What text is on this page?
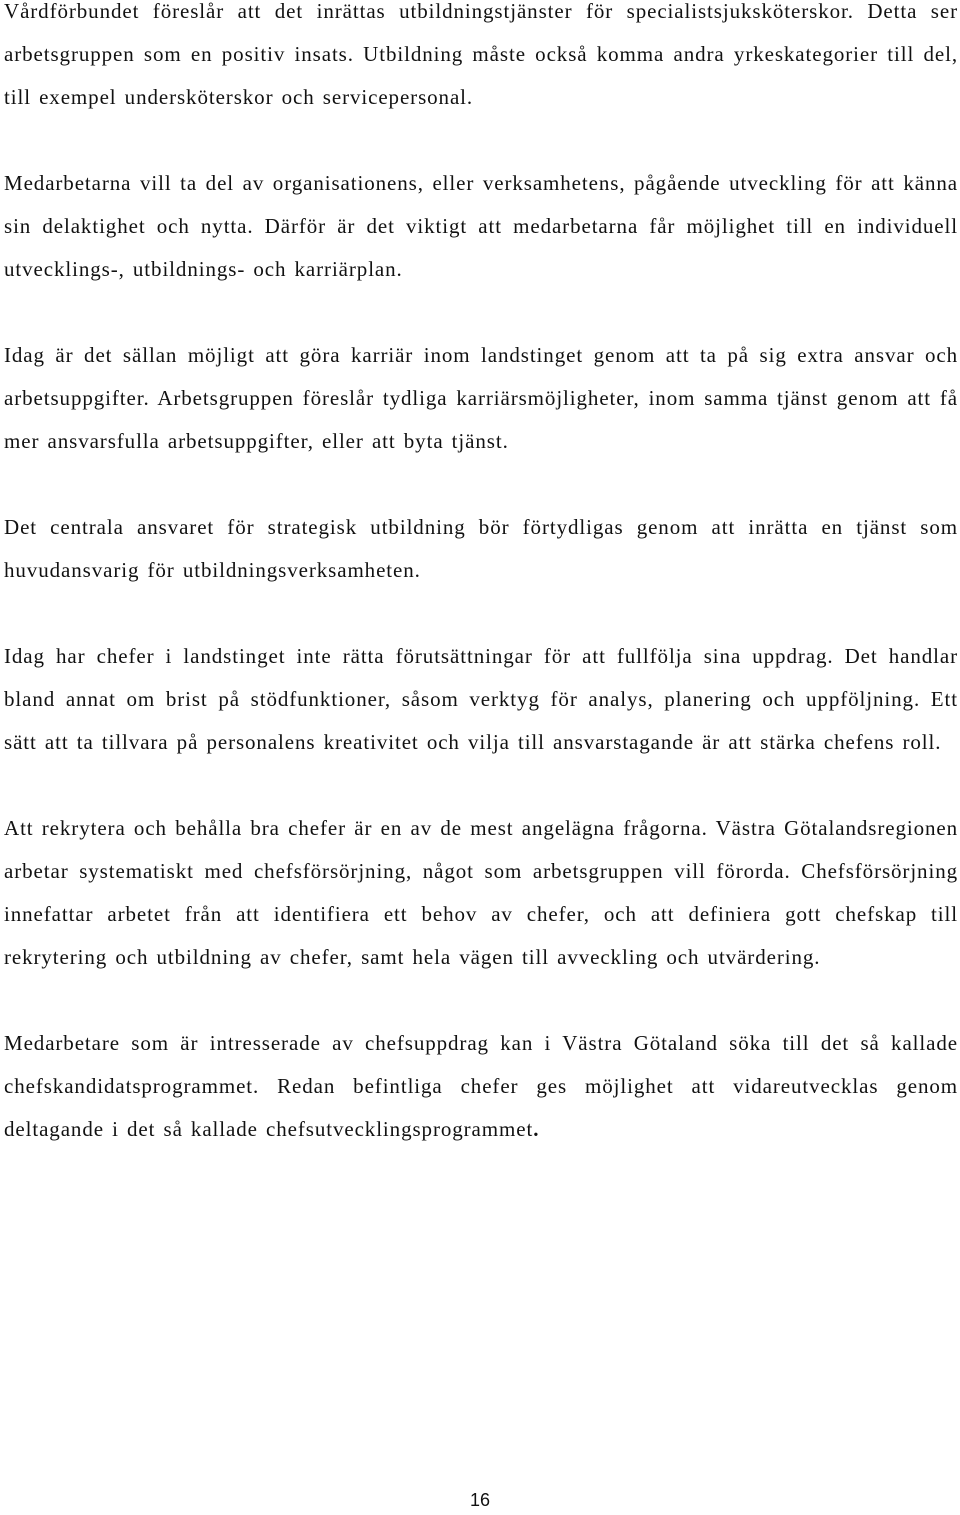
Vårdförbundet föreslår att det inrättas utbildningstjänster för specialistsjuksköterskor. Detta ser arbetsgruppen som en positiv insats. Utbildning måste också komma andra yrkeskategorier till del, till exempel undersköterskor och servicepersonal.

Medarbetarna vill ta del av organisationens, eller verksamhetens, pågående utveckling för att känna sin delaktighet och nytta. Därför är det viktigt att medarbetarna får möjlighet till en individuell utvecklings-, utbildnings- och karriärplan.

Idag är det sällan möjligt att göra karriär inom landstinget genom att ta på sig extra ansvar och arbetsuppgifter. Arbetsgruppen föreslår tydliga karriärsmöjligheter, inom samma tjänst genom att få mer ansvarsfulla arbetsuppgifter, eller att byta tjänst.

Det centrala ansvaret för strategisk utbildning bör förtydligas genom att inrätta en tjänst som huvudansvarig för utbildningsverksamheten.

Idag har chefer i landstinget inte rätta förutsättningar för att fullfölja sina uppdrag. Det handlar bland annat om brist på stödfunktioner, såsom verktyg för analys, planering och uppföljning. Ett sätt att ta tillvara på personalens kreativitet och vilja till ansvarstagande är att stärka chefens roll.

Att rekrytera och behålla bra chefer är en av de mest angelägna frågorna. Västra Götalandsregionen arbetar systematiskt med chefsförsörjning, något som arbetsgruppen vill förorda. Chefsförsörjning innefattar arbetet från att identifiera ett behov av chefer, och att definiera gott chefskap till rekrytering och utbildning av chefer, samt hela vägen till avveckling och utvärdering.

Medarbetare som är intresserade av chefsuppdrag kan i Västra Götaland söka till det så kallade chefskandidatsprogrammet. Redan befintliga chefer ges möjlighet att vidareutvecklas genom deltagande i det så kallade chefsutvecklingsprogrammet.

16
